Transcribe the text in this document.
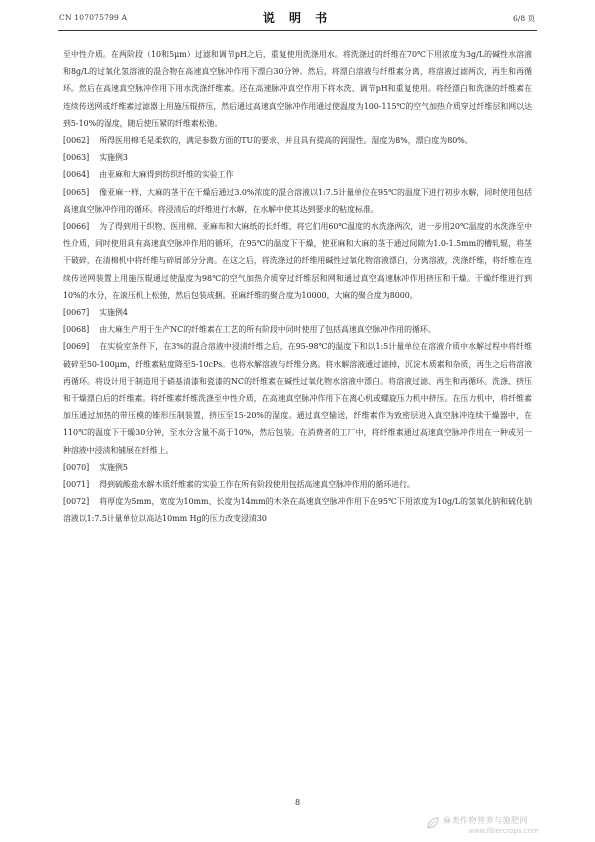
CN 107075799 A	说 明 书	6/8 页

至中性介质。在两阶段（10和5μm）过滤和调节pH之后，重复使用洗涤用水。将洗涤过的纤维在70℃下用浓度为3g/L的碱性水溶液和8g/L的过氧化氢溶液的混合物在高速真空脉冲作用下漂白30分钟。然后，将漂白溶液与纤维素分离，将溶液过滤两次，再生和再循环。然后在高速真空脉冲作用下用水洗涤纤维素。还在高速脉冲真空作用下将水洗、调节pH和重复使用。将经漂白和洗涤的纤维素在连续传送网或纤维素过滤器上用施压辊挤压，然后通过高速真空脉冲作用通过使温度为100-115℃的空气加热介质穿过纤维层和网以达到5-10%的湿度，随后使压紧的纤维素松弛。

[0062] 所得医用棉毛是柔软的，满足参数方面的TU的要求，并且具有提高的润湿性。湿度为8%，漂白度为80%。

[0063] 实施例3

[0064] 由亚麻和大麻得到纺织纤维的实验工作

[0065] 像亚麻一样，大麻的茎干在干燥后通过3.0%浓度的混合溶液以1:7.5计量单位在95℃的温度下进行初步水解，同时使用包括高速真空脉冲作用的循环。将浸渍后的纤维进行水解，在水解中使其达到要求的粘度标准。

[0066] 为了得到用于织物、医用棉、亚麻布和大麻纸的长纤维，将它们用60℃温度的水洗涤两次，进一步用20℃温度的水洗涤至中性介质，同时使用具有高速真空脉冲作用的循环，在95℃的温度下干燥，使亚麻和大麻的茎干通过间隙为1.0-1.5mm的槽轧辊，将茎干破碎，在清棉机中将纤维与碎屑部分分离。在这之后，将洗涤过的纤维用碱性过氧化物溶液漂白，分离溶液，洗涤纤维，将纤维在连续传送网装置上用施压辊通过使温度为98℃的空气加热介质穿过纤维层和网和通过真空高速脉冲作用挤压和干燥。干燥纤维进行到10%的水分，在滚压机上松弛，然后包装成捆。亚麻纤维的聚合度为10000，大麻的聚合度为8000。

[0067] 实施例4

[0068] 由大麻生产用于生产NC的纤维素在工艺的所有阶段中同时使用了包括高速真空脉冲作用的循环。

[0069] 在实验室条件下，在3%的混合溶液中浸渍纤维之后，在95-98℃的温度下和以1:5计量单位在溶液介质中水解过程中将纤维破碎至50-100μm，纤维素粘度降至5-10cPs。也将水解溶液与纤维分离。将水解溶液通过滤掉，沉淀木质素和杂质，再生之后将溶液再循环。将设计用于制造用于硝基清漆和瓷漆的NC的纤维素在碱性过氧化物水溶液中漂白。将溶液过滤、再生和再循环。洗涤、挤压和干燥漂白后的纤维素。将纤维素纤维洗涤至中性介质，在高速真空脉冲作用下在离心机或螺旋压力机中挤压。在压力机中，将纤维素加压通过加热的带压模的锥形压制装置，挤压至15-20%的湿度。通过真空输送，纤维素作为致密层进入真空脉冲连续干燥器中，在110℃的温度下干燥30分钟，至水分含量不高于10%，然后包装。在消费者的工厂中，将纤维素通过高速真空脉冲作用在一种或另一种溶液中浸渍和铺展在纤维上。

[0070] 实施例5

[0071] 得到硫酸盐水解木质纤维素的实验工作在所有阶段使用包括高速真空脉冲作用的循环进行。

[0072] 将厚度为5mm，宽度为10mm、长度为14mm的木条在高速真空脉冲作用下在95℃下用浓度为10g/L的氢氧化钠和硫化钠溶液以1:7.5计量单位以高达10mm Hg的压力改变浸渍30

8
麻类作物营养与施肥网
www.fibercrops.com
